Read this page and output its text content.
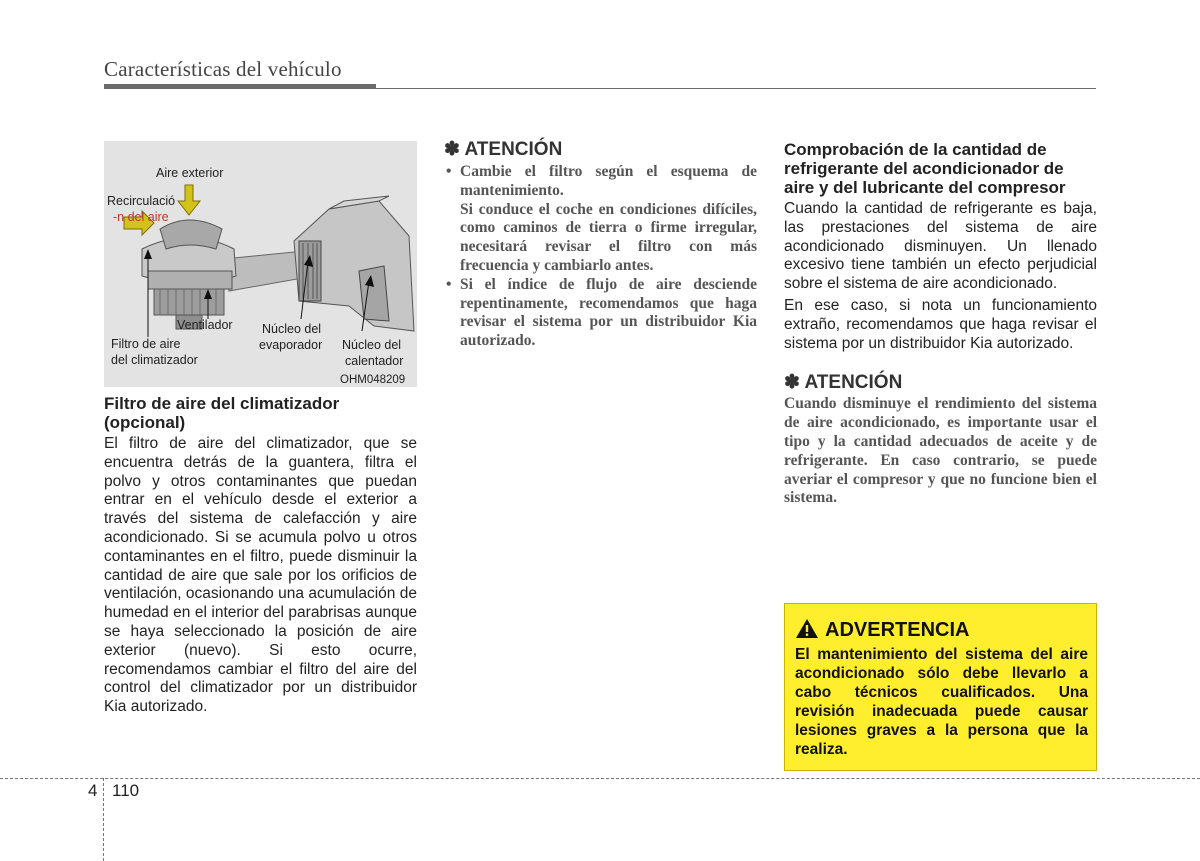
Características del vehículo
Aire exterior
Recirculació
-n del aire
Ventilador
Filtro de aire
del climatizador
Núcleo del
evaporador Núcleo del
calentador
OHM048209
Filtro de aire del climatizador (opcional)
El filtro de aire del climatizador, que se encuentra detrás de la guantera, filtra el polvo y otros contaminantes que puedan entrar en el vehículo desde el exterior a través del sistema de calefacción y aire acondicionado. Si se acumula polvo u otros contaminantes en el filtro, puede disminuir la cantidad de aire que sale por los orificios de ventilación, ocasionando una acumulación de humedad en el interior del parabrisas aunque se haya seleccionado la posición de aire exterior (nuevo). Si esto ocurre, recomendamos cambiar el filtro del aire del control del climatizador por un distribuidor Kia autorizado.
✽ ATENCIÓN
• Cambie el filtro según el esquema de mantenimiento.
Si conduce el coche en condiciones difíciles, como caminos de tierra o firme irregular, necesitará revisar el filtro con más frecuencia y cambiarlo antes.
• Si el índice de flujo de aire desciende repentinamente, recomendamos que haga revisar el sistema por un distribuidor Kia autorizado.
Comprobación de la cantidad de refrigerante del acondicionador de aire y del lubricante del compresor
Cuando la cantidad de refrigerante es baja, las prestaciones del sistema de aire acondicionado disminuyen. Un llenado excesivo tiene también un efecto perjudicial sobre el sistema de aire acondicionado.
En ese caso, si nota un funcionamiento extraño, recomendamos que haga revisar el sistema por un distribuidor Kia autorizado.
✽ ATENCIÓN
Cuando disminuye el rendimiento del sistema de aire acondicionado, es importante usar el tipo y la cantidad adecuados de aceite y de refrigerante. En caso contrario, se puede averiar el compresor y que no funcione bien el sistema.
ADVERTENCIA
El mantenimiento del sistema del aire acondicionado sólo debe llevarlo a cabo técnicos cualificados. Una revisión inadecuada puede causar lesiones graves a la persona que la realiza.
4 110
